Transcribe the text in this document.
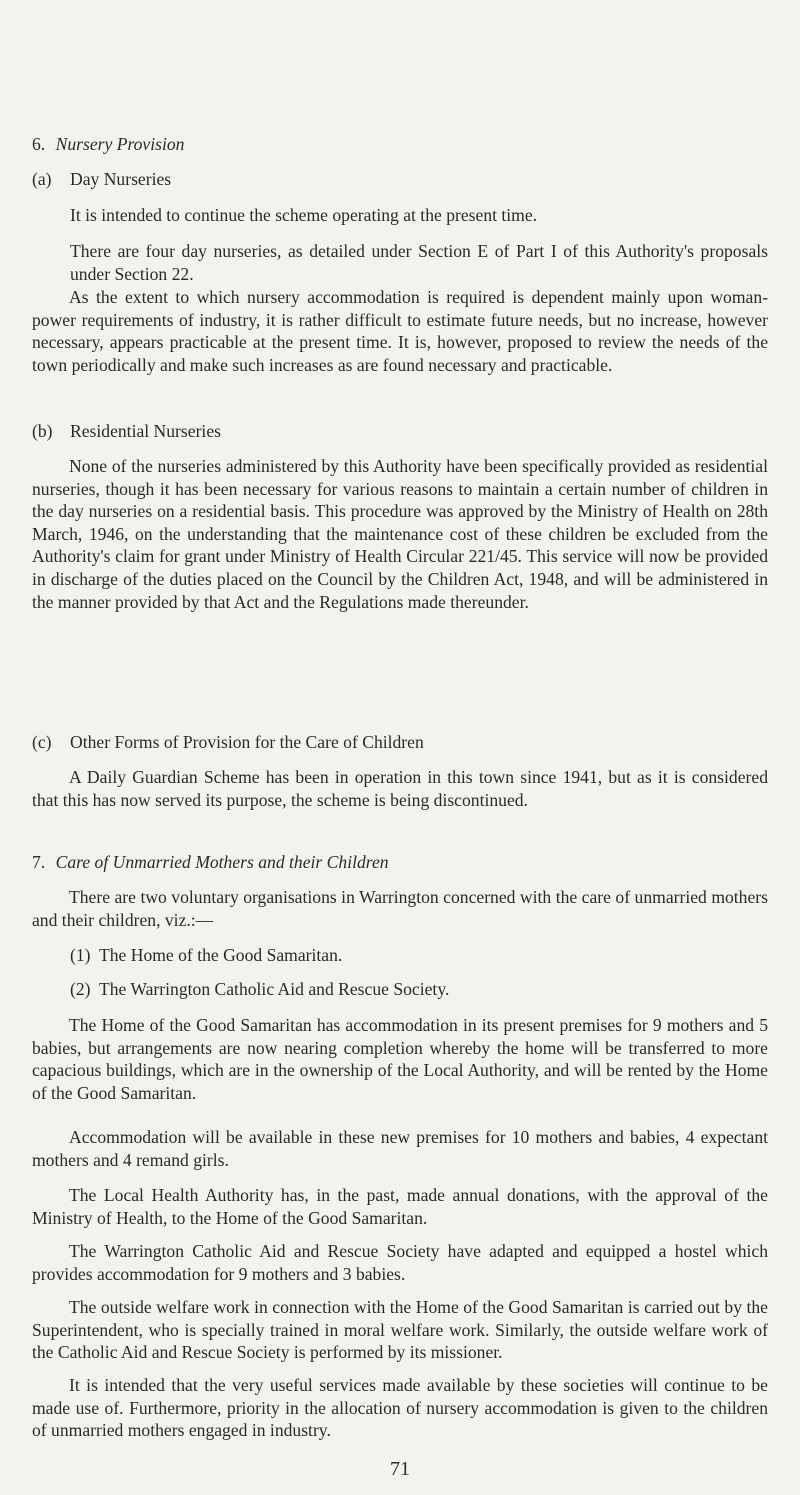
6. Nursery Provision
(a) Day Nurseries
It is intended to continue the scheme operating at the present time.
There are four day nurseries, as detailed under Section E of Part I of this Authority's proposals under Section 22.
As the extent to which nursery accommodation is required is dependent mainly upon woman-power requirements of industry, it is rather difficult to estimate future needs, but no increase, however necessary, appears practicable at the present time. It is, however, proposed to review the needs of the town periodically and make such increases as are found necessary and practicable.
(b) Residential Nurseries
None of the nurseries administered by this Authority have been specifically provided as residential nurseries, though it has been necessary for various reasons to maintain a certain number of children in the day nurseries on a residential basis. This procedure was approved by the Ministry of Health on 28th March, 1946, on the understanding that the maintenance cost of these children be excluded from the Authority's claim for grant under Ministry of Health Circular 221/45. This service will now be provided in discharge of the duties placed on the Council by the Children Act, 1948, and will be administered in the manner provided by that Act and the Regulations made thereunder.
(c) Other Forms of Provision for the Care of Children
A Daily Guardian Scheme has been in operation in this town since 1941, but as it is considered that this has now served its purpose, the scheme is being discontinued.
7. Care of Unmarried Mothers and their Children
There are two voluntary organisations in Warrington concerned with the care of unmarried mothers and their children, viz.:—
(1)  The Home of the Good Samaritan.
(2)  The Warrington Catholic Aid and Rescue Society.
The Home of the Good Samaritan has accommodation in its present premises for 9 mothers and 5 babies, but arrangements are now nearing completion whereby the home will be transferred to more capacious buildings, which are in the ownership of the Local Authority, and will be rented by the Home of the Good Samaritan.
Accommodation will be available in these new premises for 10 mothers and babies, 4 expectant mothers and 4 remand girls.
The Local Health Authority has, in the past, made annual donations, with the approval of the Ministry of Health, to the Home of the Good Samaritan.
The Warrington Catholic Aid and Rescue Society have adapted and equipped a hostel which provides accommodation for 9 mothers and 3 babies.
The outside welfare work in connection with the Home of the Good Samaritan is carried out by the Superintendent, who is specially trained in moral welfare work. Similarly, the outside welfare work of the Catholic Aid and Rescue Society is performed by its missioner.
It is intended that the very useful services made available by these societies will continue to be made use of. Furthermore, priority in the allocation of nursery accommodation is given to the children of unmarried mothers engaged in industry.
71
